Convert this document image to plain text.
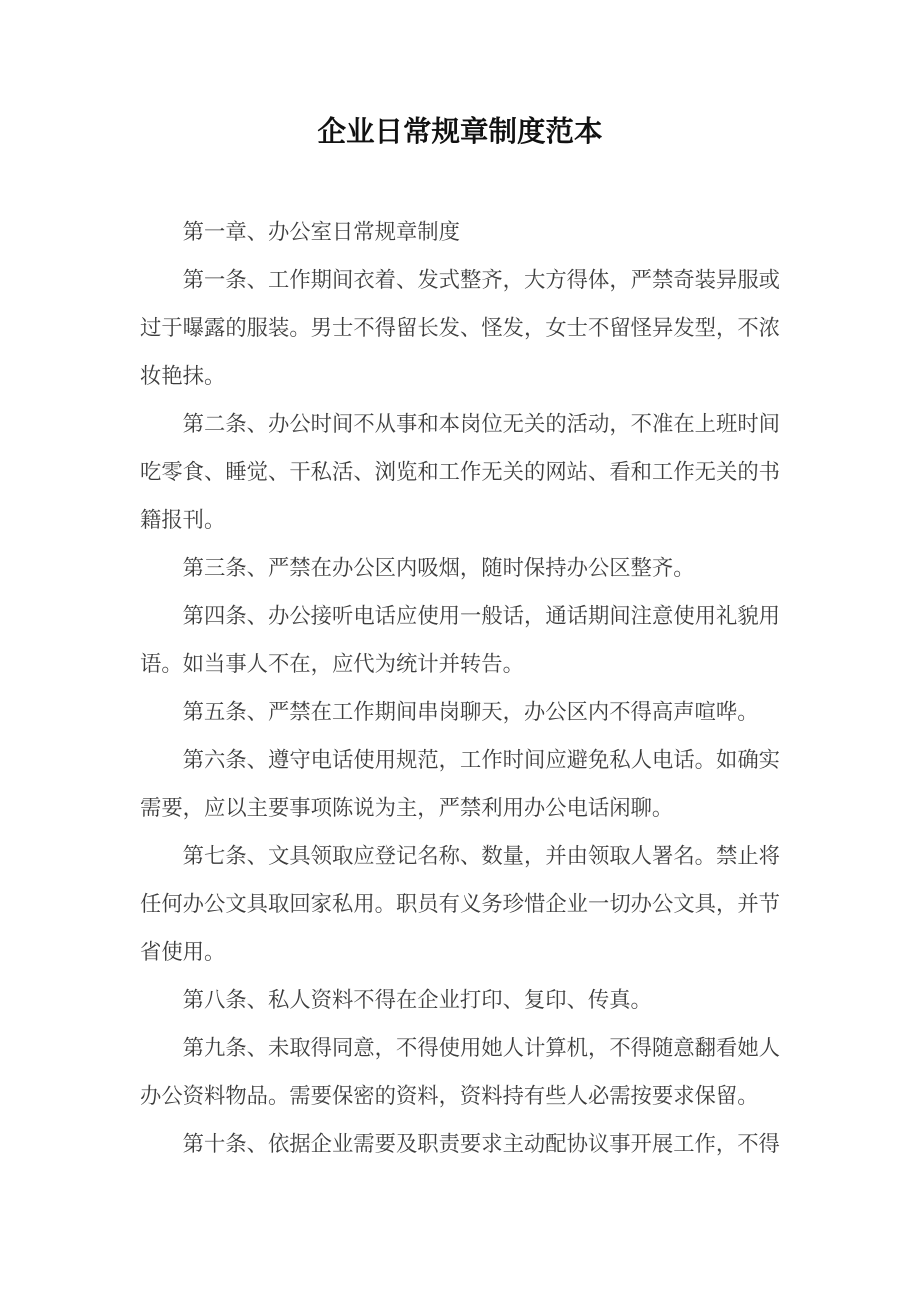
企业日常规章制度范本

第一章、办公室日常规章制度

第一条、工作期间衣着、发式整齐，大方得体，严禁奇装异服或过于曝露的服装。男士不得留长发、怪发，女士不留怪异发型，不浓妆艳抹。

第二条、办公时间不从事和本岗位无关的活动，不准在上班时间吃零食、睡觉、干私活、浏览和工作无关的网站、看和工作无关的书籍报刊。

第三条、严禁在办公区内吸烟，随时保持办公区整齐。

第四条、办公接听电话应使用一般话，通话期间注意使用礼貌用语。如当事人不在，应代为统计并转告。

第五条、严禁在工作期间串岗聊天，办公区内不得高声喧哗。

第六条、遵守电话使用规范，工作时间应避免私人电话。如确实需要，应以主要事项陈说为主，严禁利用办公电话闲聊。

第七条、文具领取应登记名称、数量，并由领取人署名。禁止将任何办公文具取回家私用。职员有义务珍惜企业一切办公文具，并节省使用。

第八条、私人资料不得在企业打印、复印、传真。

第九条、未取得同意，不得使用她人计算机，不得随意翻看她人办公资料物品。需要保密的资料，资料持有些人必需按要求保留。

第十条、依据企业需要及职责要求主动配协议事开展工作，不得
